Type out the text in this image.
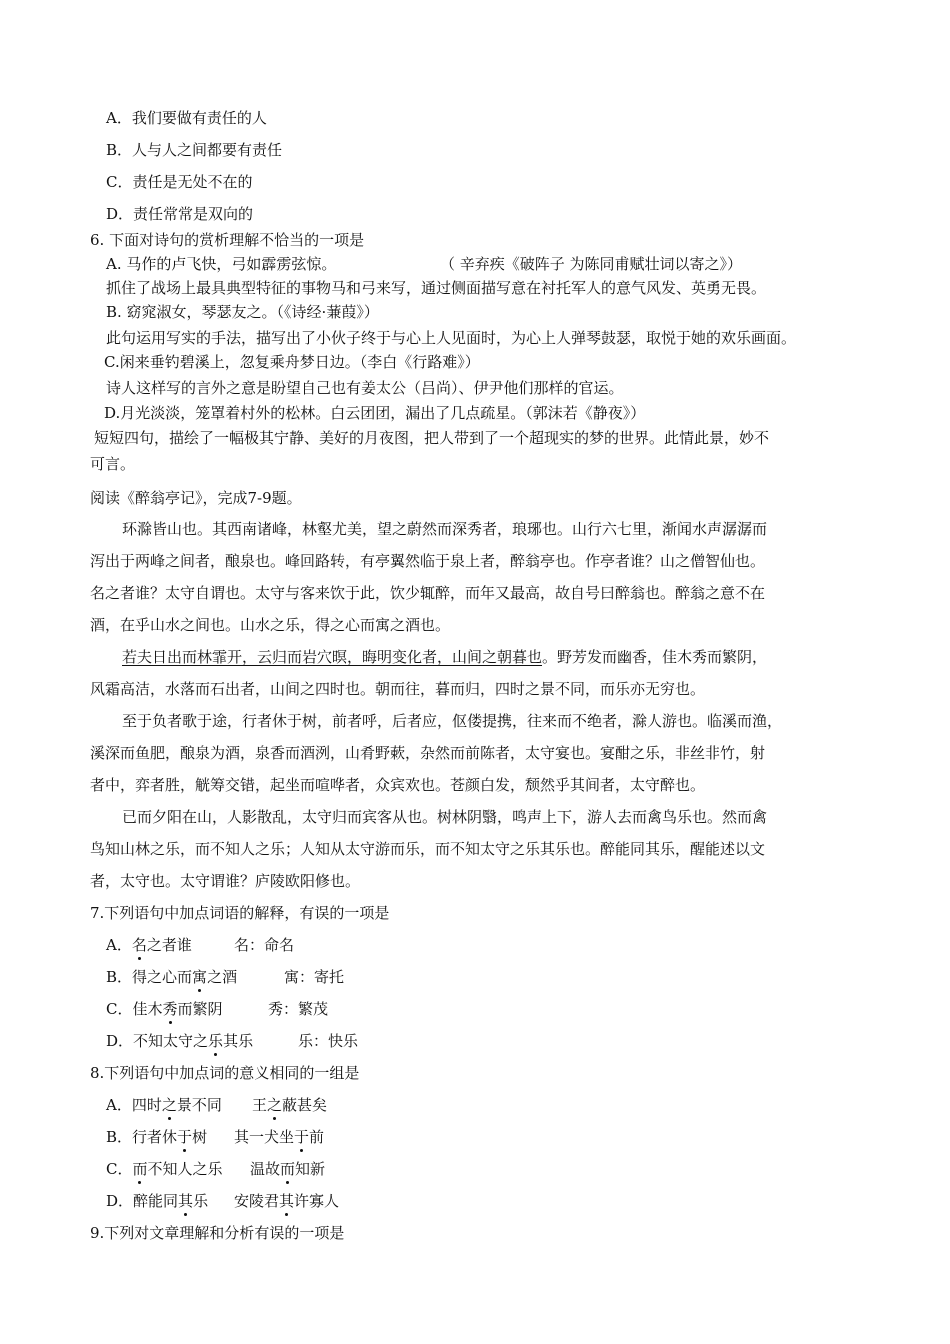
A．我们要做有责任的人
B．人与人之间都要有责任
C．责任是无处不在的
D．责任常常是双向的
6. 下面对诗句的赏析理解不恰当的一项是
A. 马作的卢飞快，弓如霹雳弦惊。	（ 辛弃疾《破阵子 为陈同甫赋壮词以寄之》）
抓住了战场上最具典型特征的事物马和弓来写，通过侧面描写意在衬托军人的意气风发、英勇无畏。
B. 窈窕淑女，琴瑟友之。（《诗经·蒹葭》）
此句运用写实的手法，描写出了小伙子终于与心上人见面时，为心上人弹琴鼓瑟，取悦于她的欢乐画面。
C.闲来垂钓碧溪上，忽复乘舟梦日边。（李白《行路难》）
诗人这样写的言外之意是盼望自己也有姜太公（吕尚）、伊尹他们那样的官运。
D.月光淡淡，笼罩着村外的松林。白云团团，漏出了几点疏星。（郭沫若《静夜》）
短短四句，描绘了一幅极其宁静、美好的月夜图，把人带到了一个超现实的梦的世界。此情此景，妙不
可言。
阅读《醉翁亭记》，完成7-9题。
环滁皆山也。其西南诸峰，林壑尤美，望之蔚然而深秀者，琅琊也。山行六七里，渐闻水声潺潺而
泻出于两峰之间者，酿泉也。峰回路转，有亭翼然临于泉上者，醉翁亭也。作亭者谁？山之僧智仙也。
名之者谁？太守自谓也。太守与客来饮于此，饮少辄醉，而年又最高，故自号曰醉翁也。醉翁之意不在
酒，在乎山水之间也。山水之乐，得之心而寓之酒也。
若夫日出而林霏开，云归而岩穴暝，晦明变化者，山间之朝暮也。野芳发而幽香，佳木秀而繁阴，
风霜高洁，水落而石出者，山间之四时也。朝而往，暮而归，四时之景不同，而乐亦无穷也。
至于负者歌于途，行者休于树，前者呼，后者应，伛偻提携，往来而不绝者，滁人游也。临溪而渔，
溪深而鱼肥，酿泉为酒，泉香而酒洌，山肴野蔌，杂然而前陈者，太守宴也。宴酣之乐，非丝非竹，射
者中，弈者胜，觥筹交错，起坐而喧哗者，众宾欢也。苍颜白发，颓然乎其间者，太守醉也。
已而夕阳在山，人影散乱，太守归而宾客从也。树林阴翳，鸣声上下，游人去而禽鸟乐也。然而禽
鸟知山林之乐，而不知人之乐；人知从太守游而乐，而不知太守之乐其乐也。醉能同其乐，醒能述以文
者，太守也。太守谓谁？庐陵欧阳修也。
7.下列语句中加点词语的解释，有误的一项是
A．名之者谁	名：命名
B．得之心而寓之酒	寓：寄托
C．佳木秀而繁阴	秀：繁茂
D．不知太守之乐其乐	乐：快乐
8.下列语句中加点词的意义相同的一组是
A．四时之景不同 王之蔽甚矣
B．行者休于树 其一犬坐于前
C．而不知人之乐 温故而知新
D．醉能同其乐 安陵君其许寡人
9.下列对文章理解和分析有误的一项是
